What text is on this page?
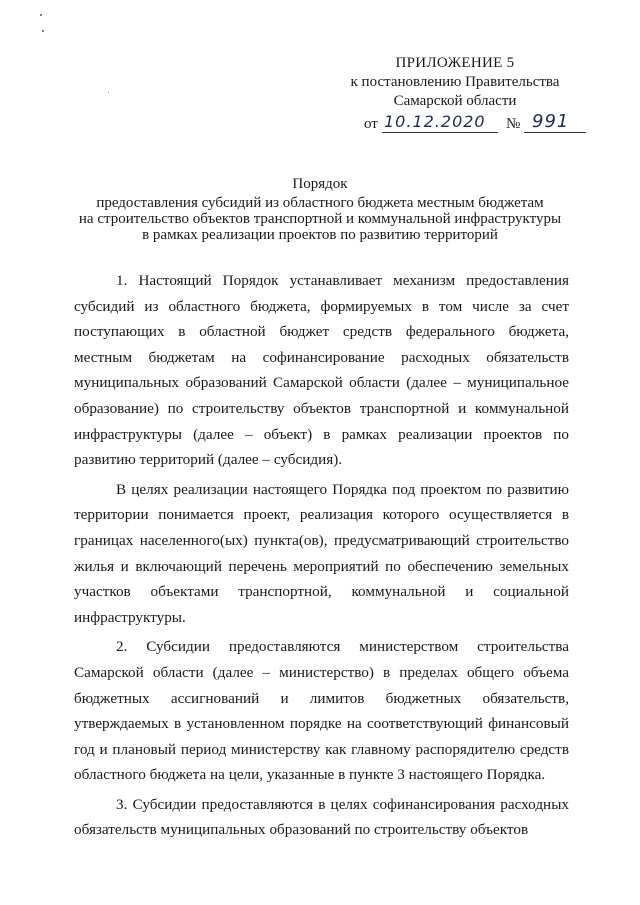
ПРИЛОЖЕНИЕ 5
к постановлению Правительства
Самарской области
от 10.12.2020 № 991
Порядок
предоставления субсидий из областного бюджета местным бюджетам
на строительство объектов транспортной и коммунальной инфраструктуры
в рамках реализации проектов по развитию территорий

1. Настоящий Порядок устанавливает механизм предоставления субсидий из областного бюджета, формируемых в том числе за счет поступающих в областной бюджет средств федерального бюджета, местным бюджетам на софинансирование расходных обязательств муниципальных образований Самарской области (далее – муниципальное образование) по строительству объектов транспортной и коммунальной инфраструктуры (далее – объект) в рамках реализации проектов по развитию территорий (далее – субсидия).

В целях реализации настоящего Порядка под проектом по развитию территории понимается проект, реализация которого осуществляется в границах населенного(ых) пункта(ов), предусматривающий строительство жилья и включающий перечень мероприятий по обеспечению земельных участков объектами транспортной, коммунальной и социальной инфраструктуры.

2. Субсидии предоставляются министерством строительства Самарской области (далее – министерство) в пределах общего объема бюджетных ассигнований и лимитов бюджетных обязательств, утверждаемых в установленном порядке на соответствующий финансовый год и плановый период министерству как главному распорядителю средств областного бюджета на цели, указанные в пункте 3 настоящего Порядка.

3. Субсидии предоставляются в целях софинансирования расходных обязательств муниципальных образований по строительству объектов
